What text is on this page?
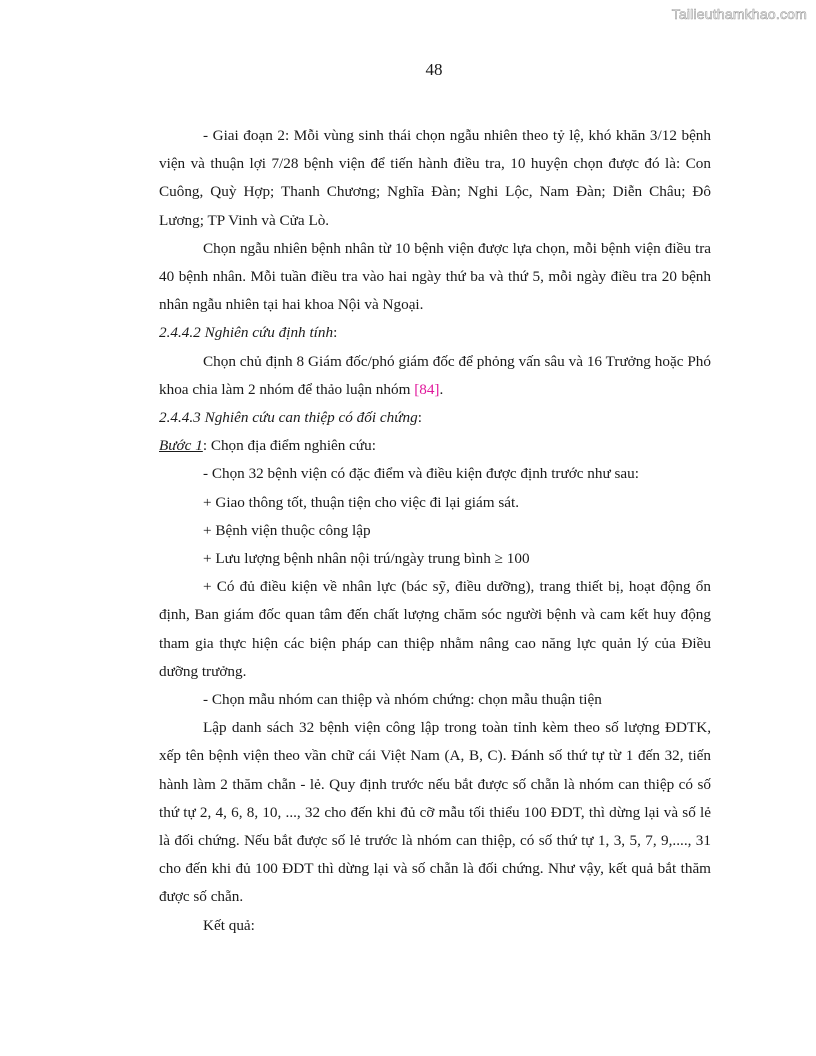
Tailieuthamkhao.com
48

- Giai đoạn 2: Mỗi vùng sinh thái chọn ngẫu nhiên theo tỷ lệ, khó khăn 3/12 bệnh viện và thuận lợi 7/28 bệnh viện để tiến hành điều tra, 10 huyện chọn được đó là: Con Cuông, Quỳ Hợp; Thanh Chương; Nghĩa Đàn; Nghi Lộc, Nam Đàn; Diễn Châu; Đô Lương; TP Vinh và Cửa Lò.

Chọn ngẫu nhiên bệnh nhân từ 10 bệnh viện được lựa chọn, mỗi bệnh viện điều tra 40 bệnh nhân. Mỗi tuần điều tra vào hai ngày thứ ba và thứ 5, mỗi ngày điều tra 20 bệnh nhân ngẫu nhiên tại hai khoa Nội và Ngoại.

2.4.4.2 Nghiên cứu định tính:

Chọn chủ định 8 Giám đốc/phó giám đốc để phỏng vấn sâu và 16 Trưởng hoặc Phó khoa chia làm 2 nhóm để thảo luận nhóm [84].

2.4.4.3 Nghiên cứu can thiệp có đối chứng:

Bước 1: Chọn địa điểm nghiên cứu:

- Chọn 32 bệnh viện có đặc điểm và điều kiện được định trước như sau:

+ Giao thông tốt, thuận tiện cho việc đi lại giám sát.

+ Bệnh viện thuộc công lập

+ Lưu lượng bệnh nhân nội trú/ngày trung bình ≥ 100

+ Có đủ điều kiện về nhân lực (bác sỹ, điều dưỡng), trang thiết bị, hoạt động ổn định, Ban giám đốc quan tâm đến chất lượng chăm sóc người bệnh và cam kết huy động tham gia thực hiện các biện pháp can thiệp nhằm nâng cao năng lực quản lý của Điều dưỡng trưởng.

- Chọn mẫu nhóm can thiệp và nhóm chứng: chọn mẫu thuận tiện

Lập danh sách 32 bệnh viện công lập trong toàn tỉnh kèm theo số lượng ĐDTK, xếp tên bệnh viện theo vần chữ cái Việt Nam (A, B, C). Đánh số thứ tự từ 1 đến 32, tiến hành làm 2 thăm chẵn - lẻ. Quy định trước nếu bắt được số chẵn là nhóm can thiệp có số thứ tự 2, 4, 6, 8, 10, ..., 32 cho đến khi đủ cỡ mẫu tối thiểu 100 ĐDT, thì dừng lại và số lẻ là đối chứng. Nếu bắt được số lẻ trước là nhóm can thiệp, có số thứ tự 1, 3, 5, 7, 9,...., 31 cho đến khi đủ 100 ĐDT thì dừng lại và số chẵn là đối chứng. Như vậy, kết quả bắt thăm được số chẵn.

Kết quả:
